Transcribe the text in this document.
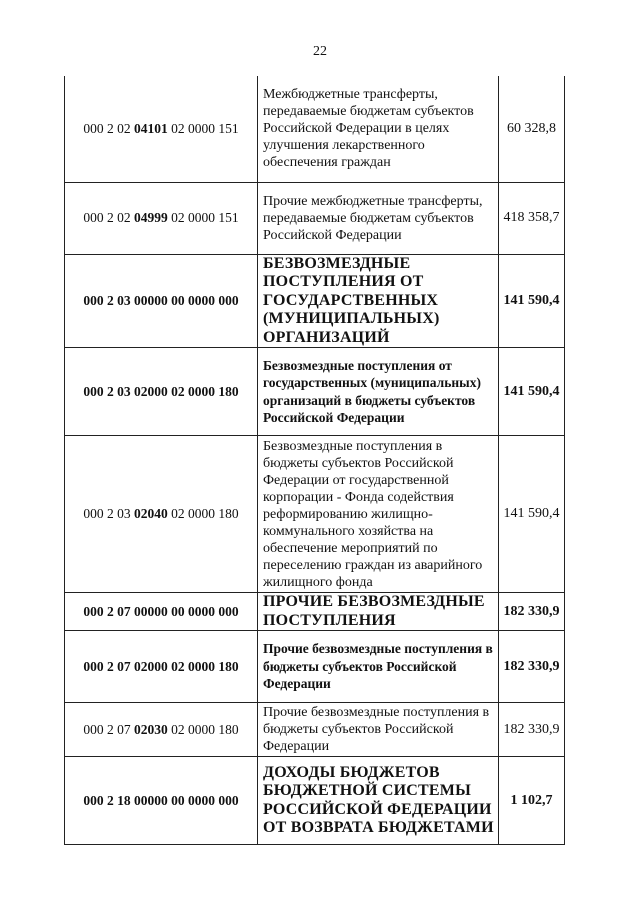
22
000 2 02 04101 02 0000 151	Межбюджетные трансферты, передаваемые бюджетам субъектов Российской Федерации в целях улучшения лекарственного обеспечения граждан	60 328,8
000 2 02 04999 02 0000 151	Прочие межбюджетные трансферты, передаваемые бюджетам субъектов Российской Федерации	418 358,7
000 2 03 00000 00 0000 000	БЕЗВОЗМЕЗДНЫЕ ПОСТУПЛЕНИЯ ОТ ГОСУДАРСТВЕННЫХ (МУНИЦИПАЛЬНЫХ) ОРГАНИЗАЦИЙ	141 590,4
000 2 03 02000 02 0000 180	Безвозмездные поступления от государственных (муниципальных) организаций в бюджеты субъектов Российской Федерации	141 590,4
000 2 03 02040 02 0000 180	Безвозмездные поступления в бюджеты субъектов Российской Федерации от государственной корпорации - Фонда содействия реформированию жилищно-коммунального хозяйства на обеспечение мероприятий по переселению граждан из аварийного жилищного фонда	141 590,4
000 2 07 00000 00 0000 000	ПРОЧИЕ БЕЗВОЗМЕЗДНЫЕ ПОСТУПЛЕНИЯ	182 330,9
000 2 07 02000 02 0000 180	Прочие безвозмездные поступления в бюджеты субъектов Российской Федерации	182 330,9
000 2 07 02030 02 0000 180	Прочие безвозмездные поступления в бюджеты субъектов Российской Федерации	182 330,9
000 2 18 00000 00 0000 000	ДОХОДЫ БЮДЖЕТОВ БЮДЖЕТНОЙ СИСТЕМЫ РОССИЙСКОЙ ФЕДЕРАЦИИ ОТ ВОЗВРАТА БЮДЖЕТАМИ	1 102,7
